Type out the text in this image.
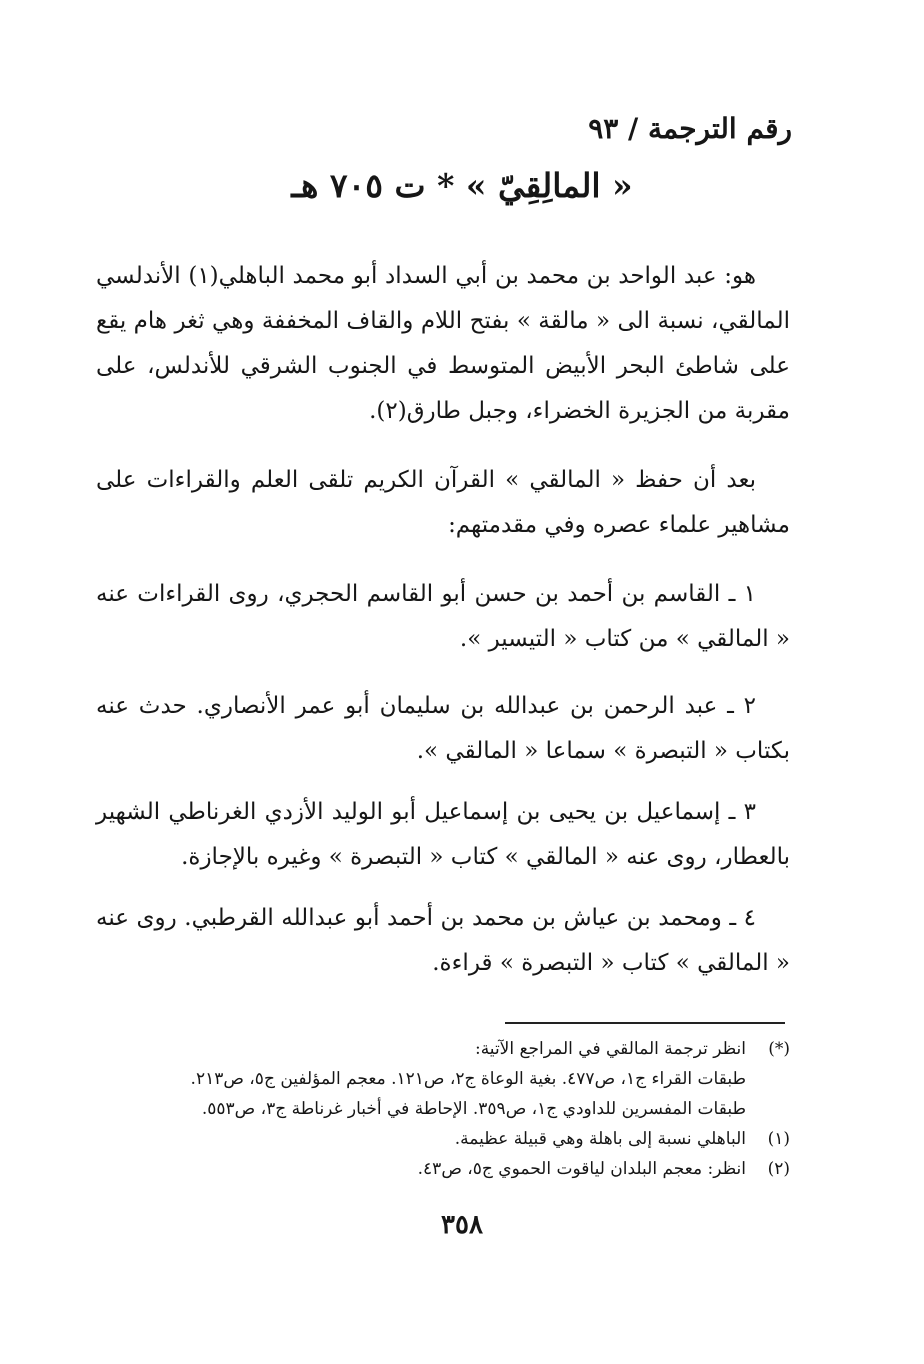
رقم الترجمة / ٩٣
« المالِقِيّ » * ت ٧٠٥ هـ
هو: عبد الواحد بن محمد بن أبي السداد أبو محمد الباهلي(١) الأندلسي المالقي، نسبة الى « مالقة » بفتح اللام والقاف المخففة وهي ثغر هام يقع على شاطئ البحر الأبيض المتوسط في الجنوب الشرقي للأندلس، على مقربة من الجزيرة الخضراء، وجبل طارق(٢).
بعد أن حفظ « المالقي » القرآن الكريم تلقى العلم والقراءات على مشاهير علماء عصره وفي مقدمتهم:
١ ـ القاسم بن أحمد بن حسن أبو القاسم الحجري، روى القراءات عنه « المالقي » من كتاب « التيسير ».
٢ ـ عبد الرحمن بن عبدالله بن سليمان أبو عمر الأنصاري. حدث عنه بكتاب « التبصرة » سماعا « المالقي ».
٣ ـ إسماعيل بن يحيى بن إسماعيل أبو الوليد الأزدي الغرناطي الشهير بالعطار، روى عنه « المالقي » كتاب « التبصرة » وغيره بالإجازة.
٤ ـ ومحمد بن عياش بن محمد بن أحمد أبو عبدالله القرطبي. روى عنه « المالقي » كتاب « التبصرة » قراءة.
(*)انظر ترجمة المالقي في المراجع الآتية:
طبقات القراء ج١، ص٤٧٧. بغية الوعاة ج٢، ص١٢١. معجم المؤلفين ج٥، ص٢١٣.
طبقات المفسرين للداودي ج١، ص٣٥٩. الإحاطة في أخبار غرناطة ج٣، ص٥٥٣.
(١)الباهلي نسبة إلى باهلة وهي قبيلة عظيمة.
(٢)انظر: معجم البلدان لياقوت الحموي ج٥، ص٤٣.
٣٥٨
